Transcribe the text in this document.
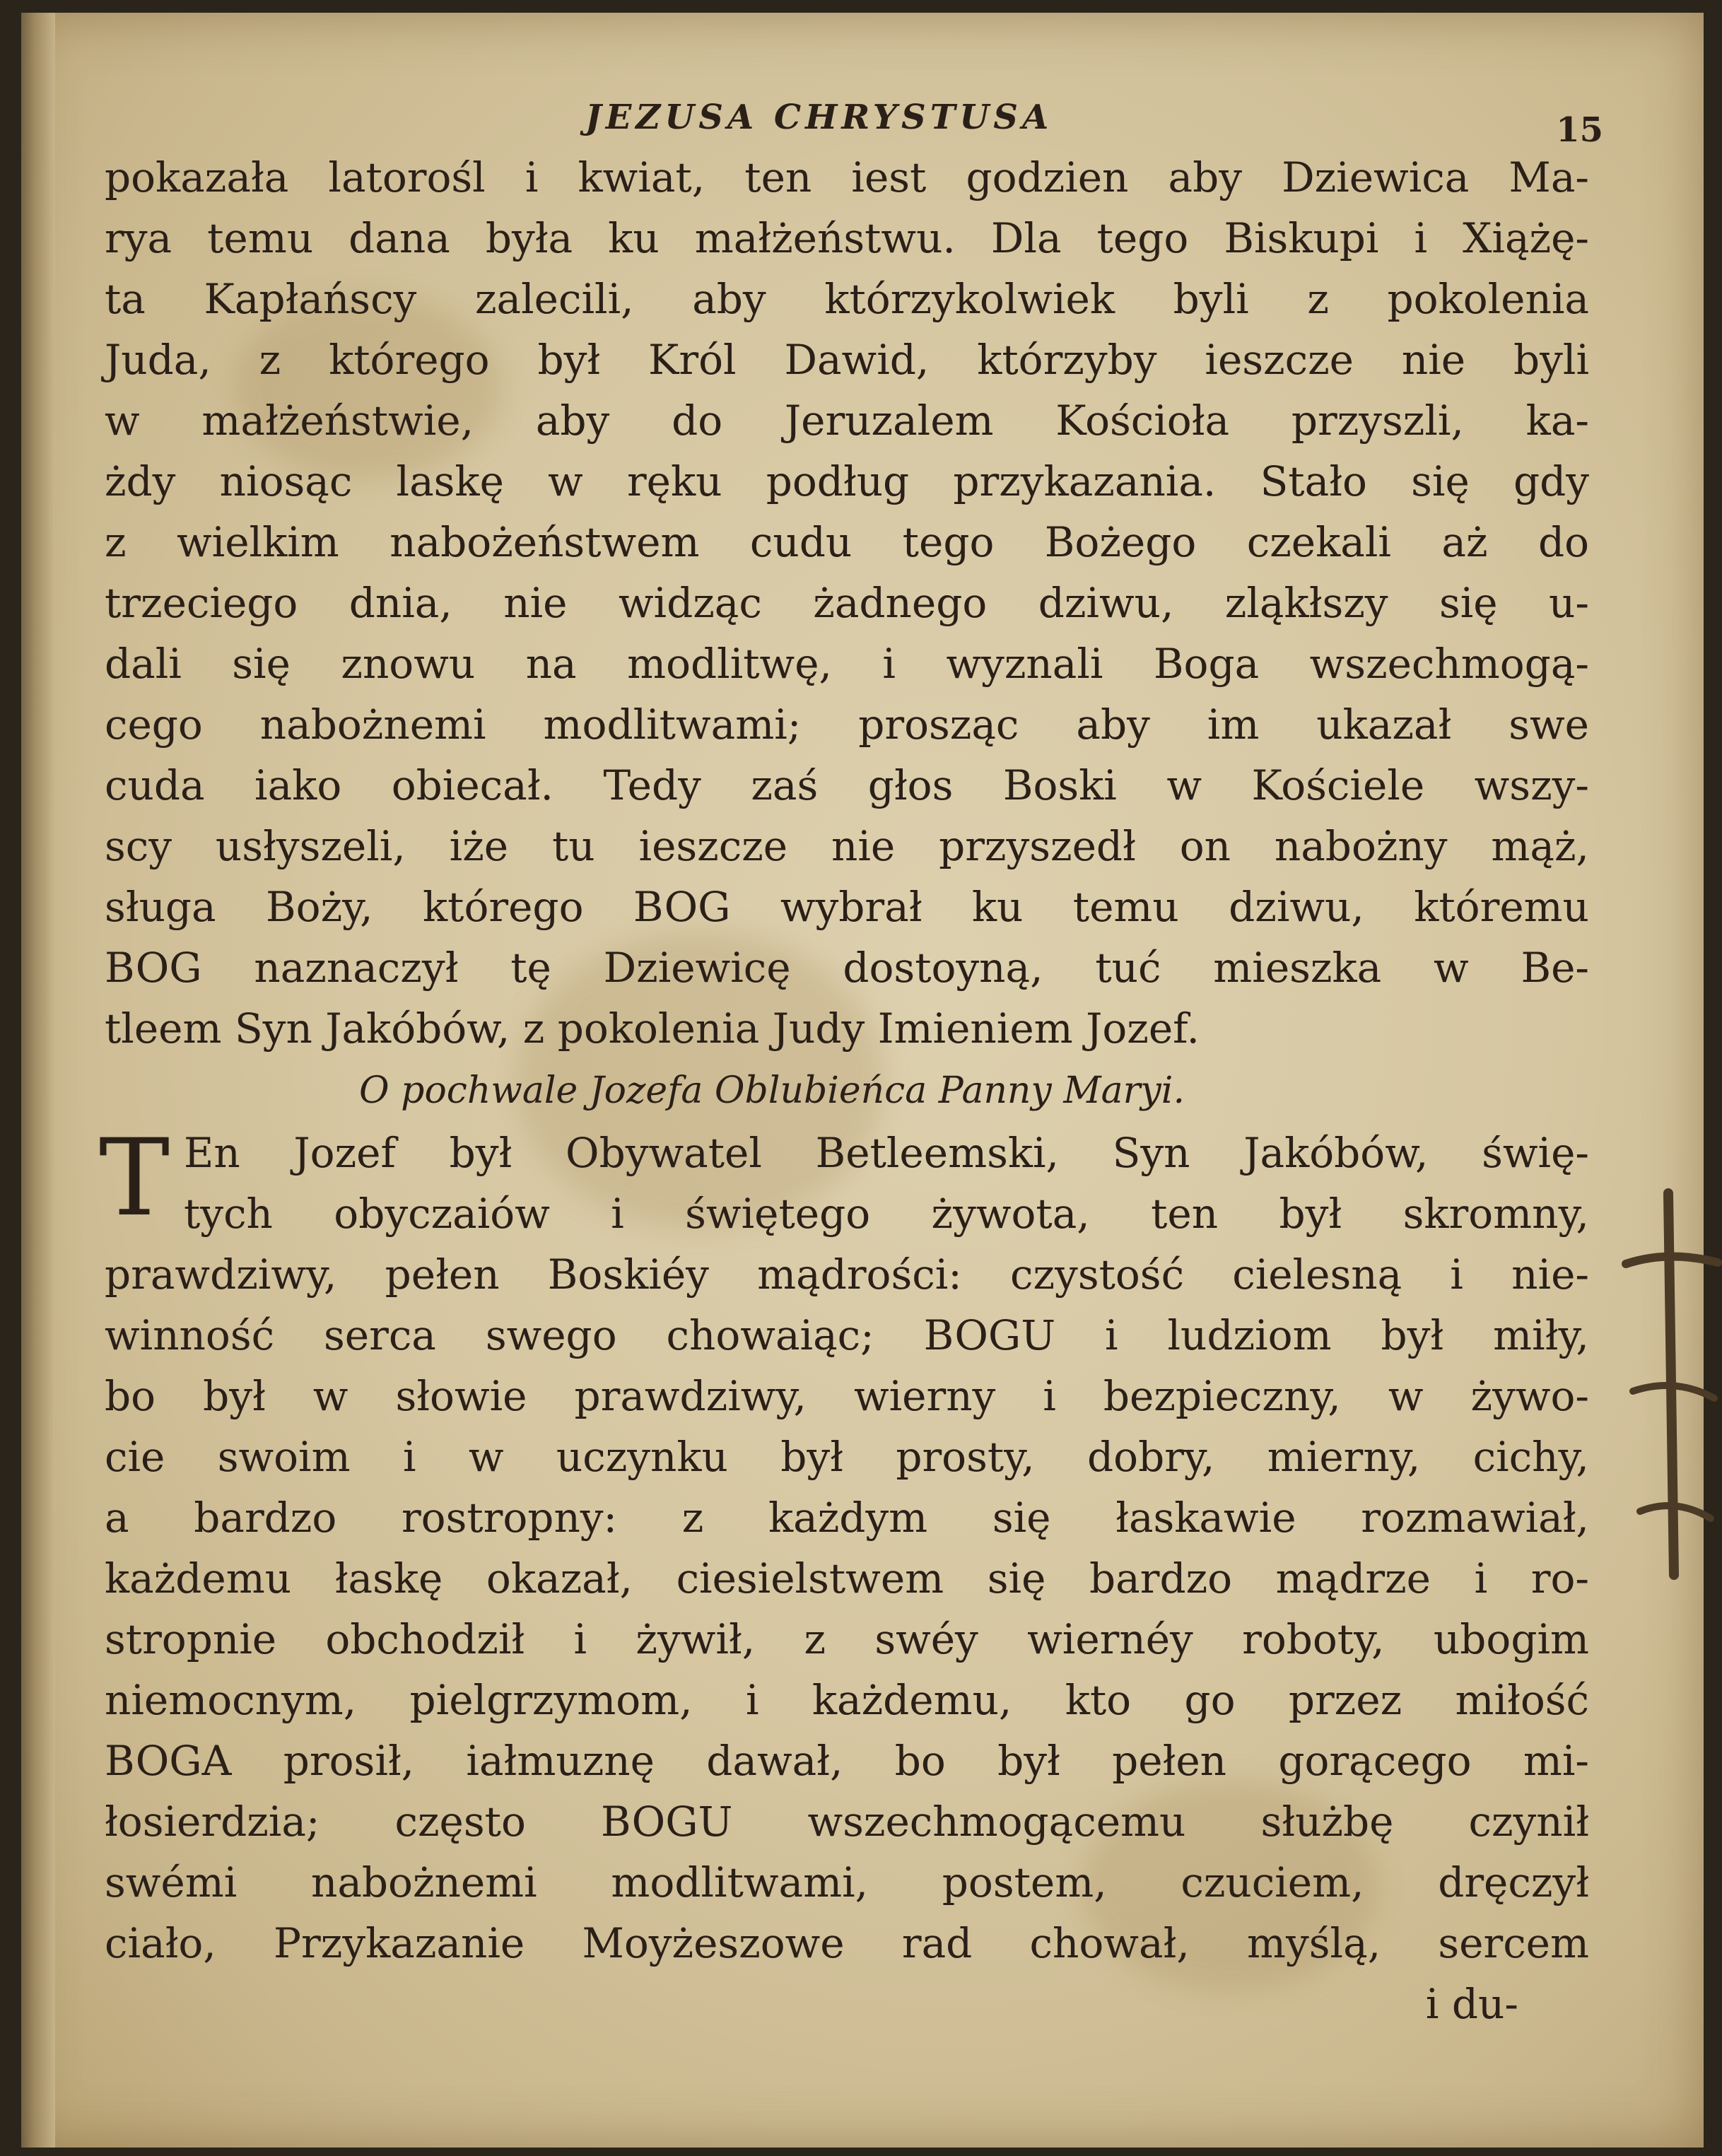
JEZUSA CHRYSTUSA	15
pokazała latorośl i kwiat, ten iest godzien aby Dziewica Ma-
rya temu dana była ku małżeństwu. Dla tego Biskupi i Xiążę-
ta Kapłańscy zalecili, aby którzykolwiek byli z pokolenia
Juda, z którego był Król Dawid, którzyby ieszcze nie byli
w małżeństwie, aby do Jeruzalem Kościoła przyszli, ka-
żdy niosąc laskę w ręku podług przykazania. Stało się gdy
z wielkim nabożeństwem cudu tego Bożego czekali aż do
trzeciego dnia, nie widząc żadnego dziwu, zląkłszy się u-
dali się znowu na modlitwę, i wyznali Boga wszechmogą-
cego nabożnemi modlitwami; prosząc aby im ukazał swe
cuda iako obiecał. Tedy zaś głos Boski w Kościele wszy-
scy usłyszeli, iże tu ieszcze nie przyszedł on nabożny mąż,
sługa Boży, którego BOG wybrał ku temu dziwu, któremu
BOG naznaczył tę Dziewicę dostoyną, tuć mieszka w Be-
tleem Syn Jakóbów, z pokolenia Judy Imieniem Jozef.
O pochwale Jozefa Oblubieńca Panny Maryi.
T En Jozef był Obywatel Betleemski, Syn Jakóbów, świę-
tych obyczaiów i świętego żywota, ten był skromny,
prawdziwy, pełen Boskiéy mądrości: czystość cielesną i nie-
winność serca swego chowaiąc; BOGU i ludziom był miły,
bo był w słowie prawdziwy, wierny i bezpieczny, w żywo-
cie swoim i w uczynku był prosty, dobry, mierny, cichy,
a bardzo rostropny: z każdym się łaskawie rozmawiał,
każdemu łaskę okazał, ciesielstwem się bardzo mądrze i ro-
stropnie obchodził i żywił, z swéy wiernéy roboty, ubogim
niemocnym, pielgrzymom, i każdemu, kto go przez miłość
BOGA prosił, iałmuznę dawał, bo był pełen gorącego mi-
łosierdzia; często BOGU wszechmogącemu służbę czynił
swémi nabożnemi modlitwami, postem, czuciem, dręczył
ciało, Przykazanie Moyżeszowe rad chował, myślą, sercem
i du-
